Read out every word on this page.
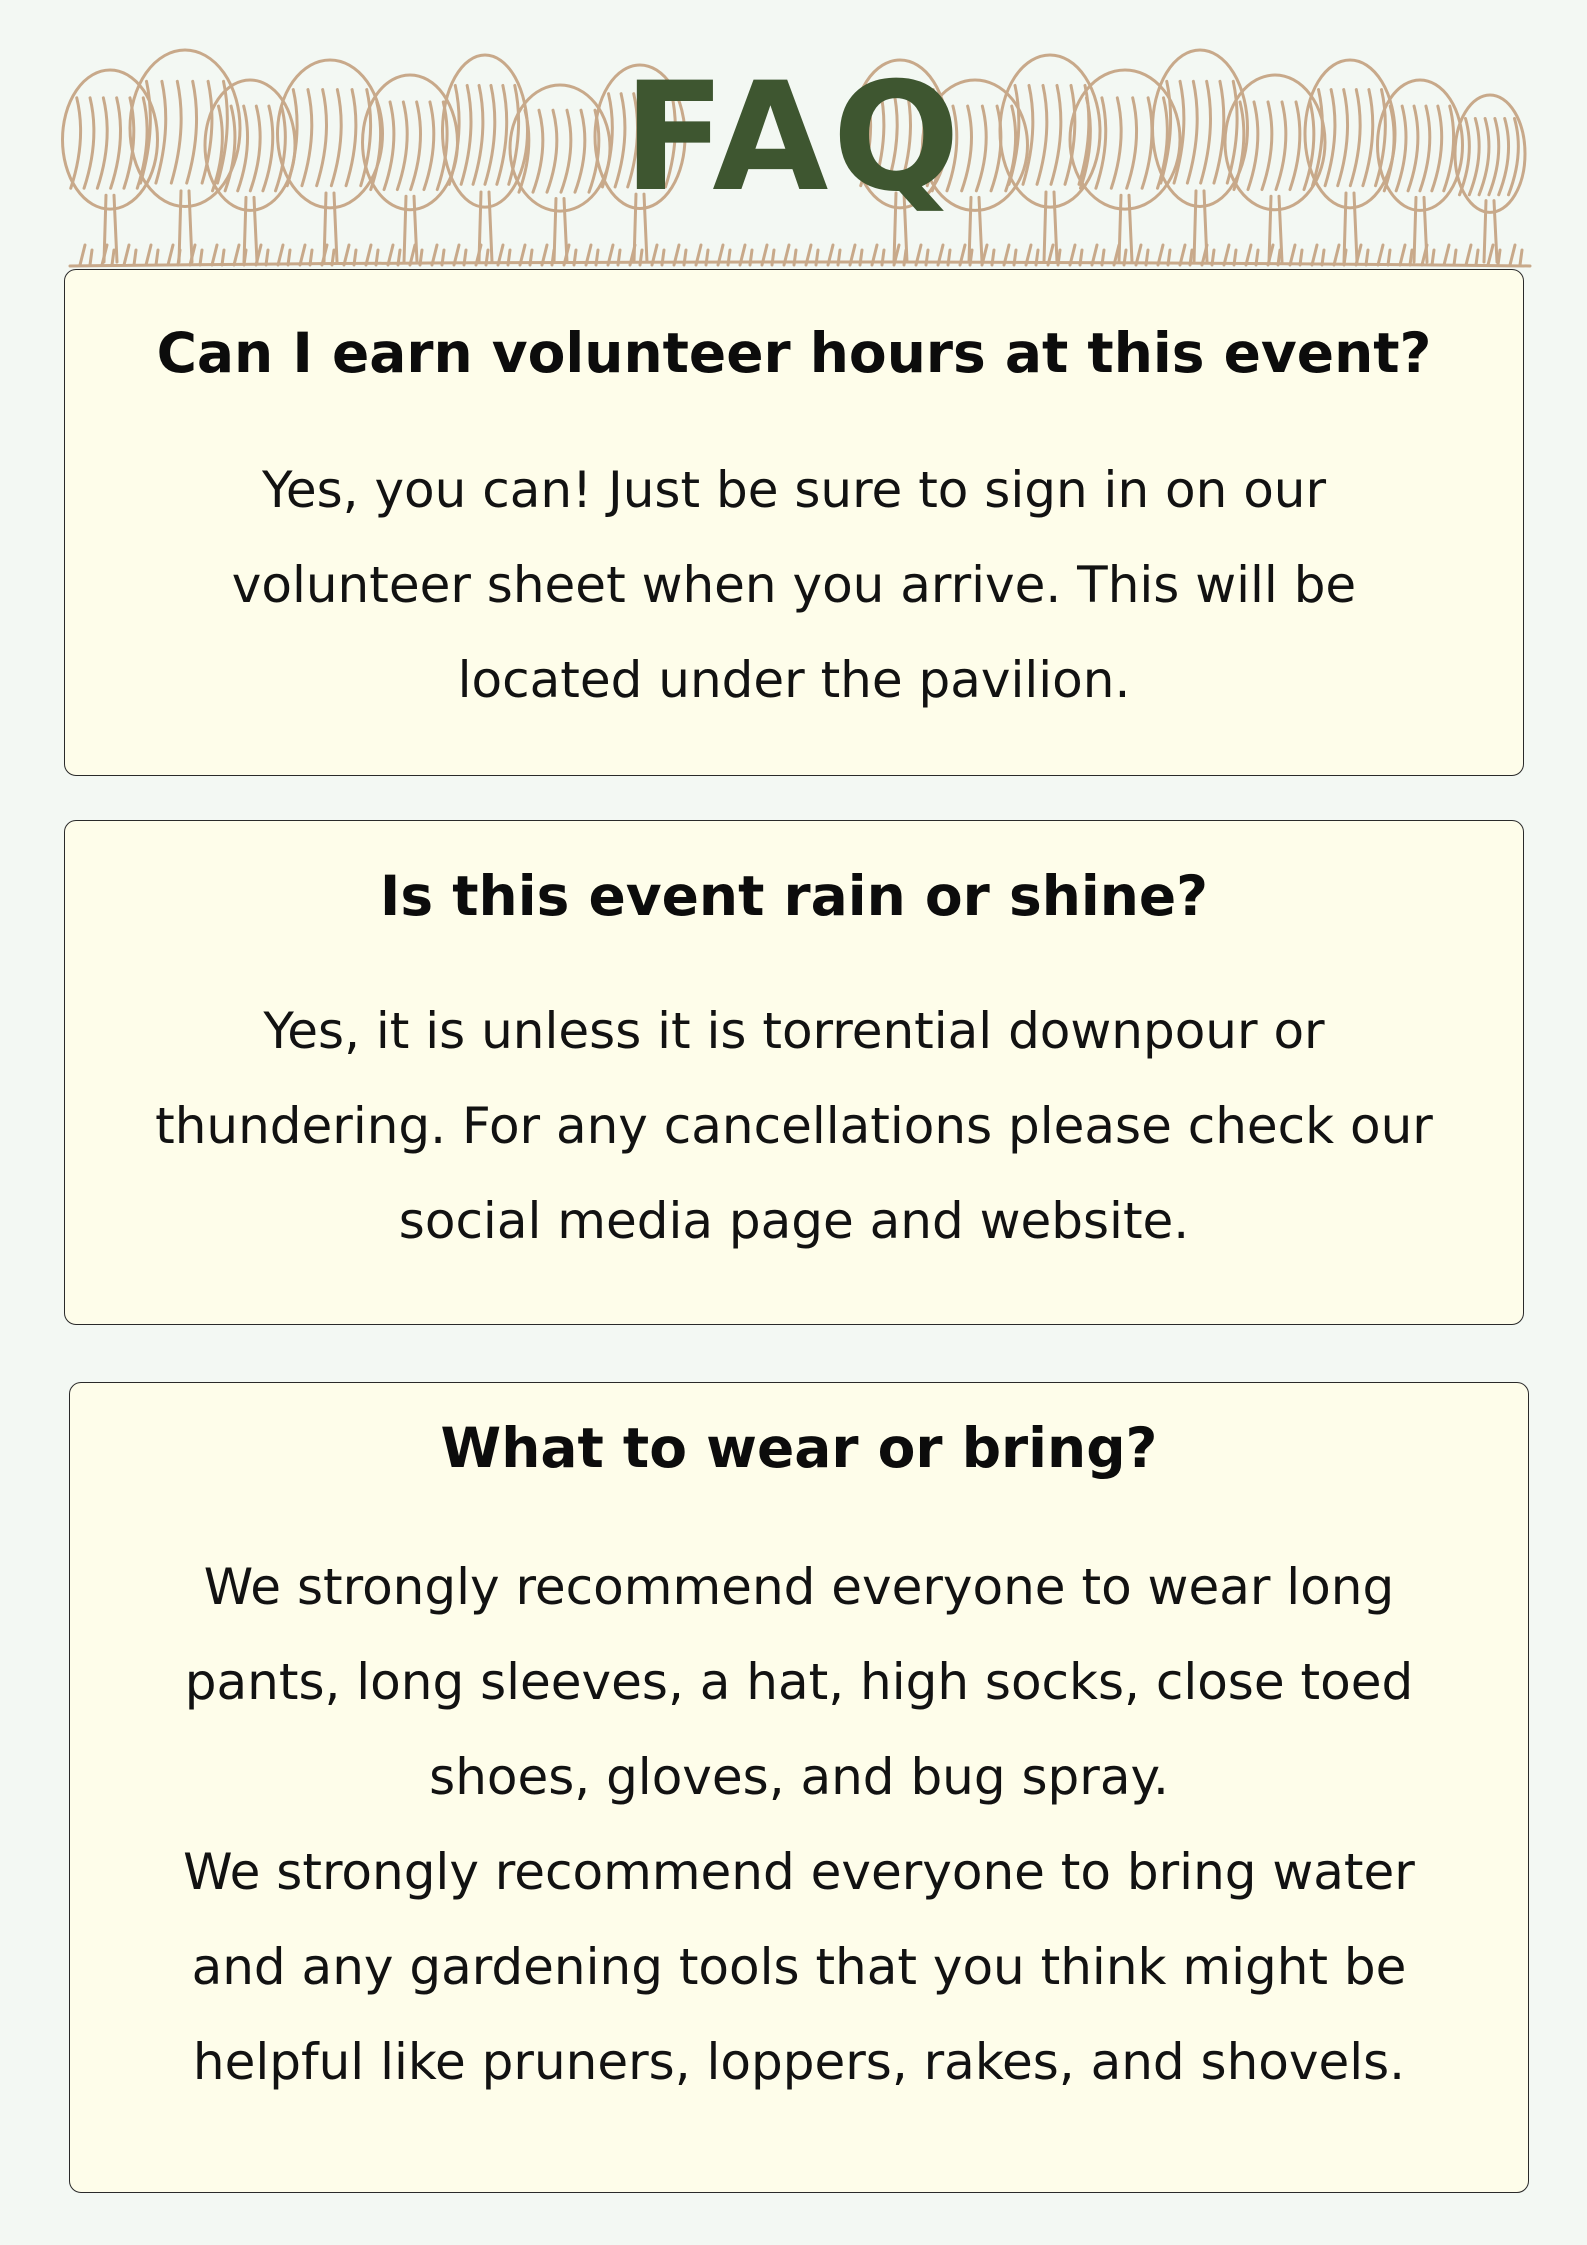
FAQ
Can I earn volunteer hours at this event?

Yes, you can! Just be sure to sign in on our
volunteer sheet when you arrive. This will be
located under the pavilion.

Is this event rain or shine?

Yes, it is unless it is torrential downpour or
thundering. For any cancellations please check our
social media page and website.

What to wear or bring?

We strongly recommend everyone to wear long
pants, long sleeves, a hat, high socks, close toed
shoes, gloves, and bug spray.
We strongly recommend everyone to bring water
and any gardening tools that you think might be
helpful like pruners, loppers, rakes, and shovels.
